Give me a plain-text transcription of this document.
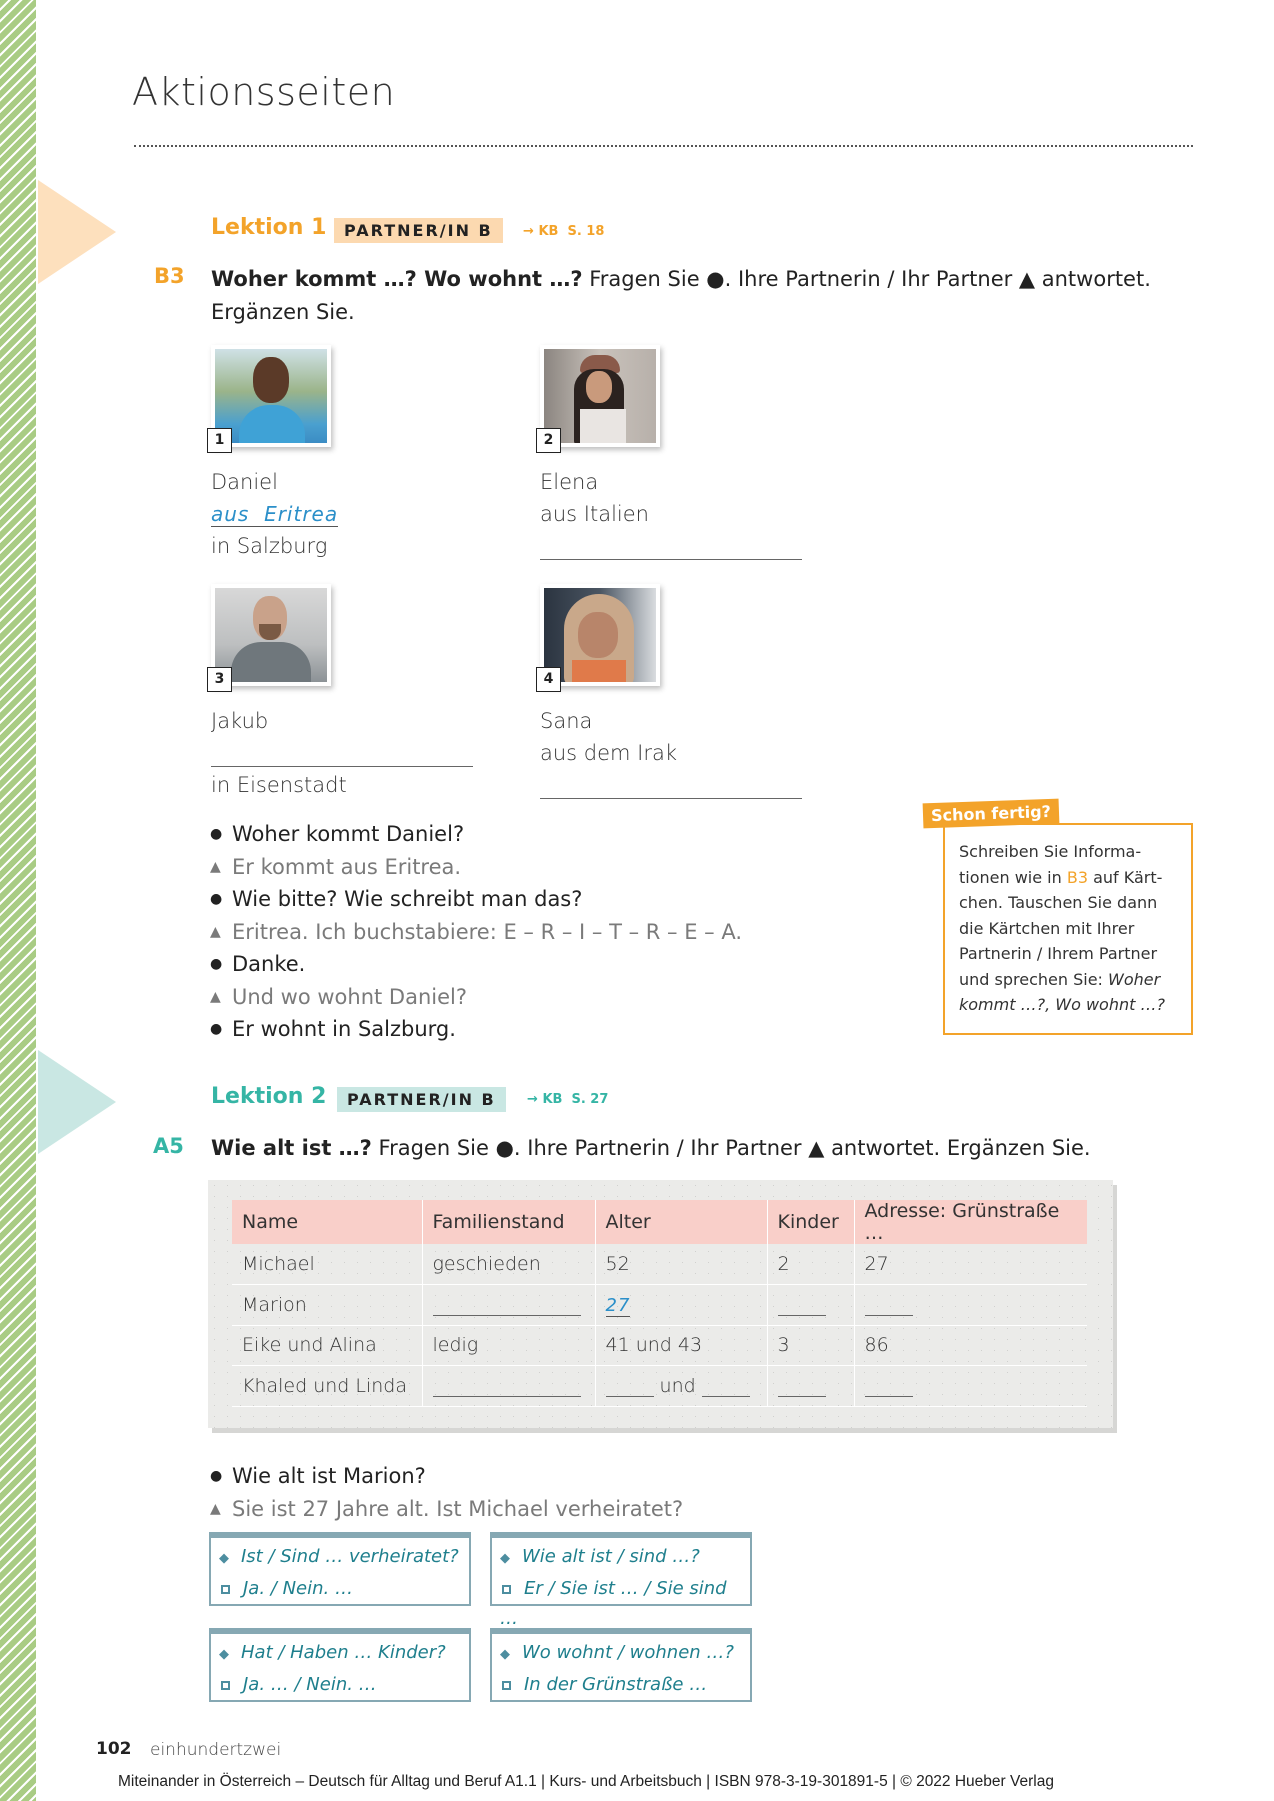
Aktionsseiten
Lektion 1	PARTNER/IN B	→ KB  S. 18
B3 Woher kommt …? Wo wohnt …? Fragen Sie ●. Ihre Partnerin / Ihr Partner ▲ antwortet.
Ergänzen Sie.
1	2
3	4
Daniel
aus  Eritrea
in Salzburg
Elena
aus Italien
Jakub
in Eisenstadt
Sana
aus dem Irak
● Woher kommt Daniel?
▲ Er kommt aus Eritrea.
● Wie bitte? Wie schreibt man das?
▲ Eritrea. Ich buchstabiere: E – R – I – T – R – E – A.
● Danke.
▲ Und wo wohnt Daniel?
● Er wohnt in Salzburg.
Schreiben Sie Informa-
tionen wie in B3 auf Kärt-
chen. Tauschen Sie dann
die Kärtchen mit Ihrer
Partnerin / Ihrem Partner
und sprechen Sie: Woher
kommt …?, Wo wohnt …?
Schon fertig?
Lektion 2	PARTNER/IN B	→ KB  S. 27
A5 Wie alt ist …? Fragen Sie ●. Ihre Partnerin / Ihr Partner ▲ antwortet. Ergänzen Sie.
Name	Familienstand	Alter	Kinder	Adresse: Grünstraße …
Michael	geschieden	52	2	27
Marion		27		
Eike und Alina	ledig	41 und 43	3	86
Khaled und Linda		und		
● Wie alt ist Marion?
▲ Sie ist 27 Jahre alt. Ist Michael verheiratet?
◆ Ist / Sind … verheiratet?
Ja. / Nein. …
◆ Wie alt ist / sind …?
Er / Sie ist … / Sie sind …
◆ Hat / Haben … Kinder?
Ja. … / Nein. …
◆ Wo wohnt / wohnen …?
In der Grünstraße …
102 einhundertzwei
Miteinander in Österreich – Deutsch für Alltag und Beruf A1.1 | Kurs- und Arbeitsbuch | ISBN 978-3-19-301891-5 | © 2022 Hueber Verlag
